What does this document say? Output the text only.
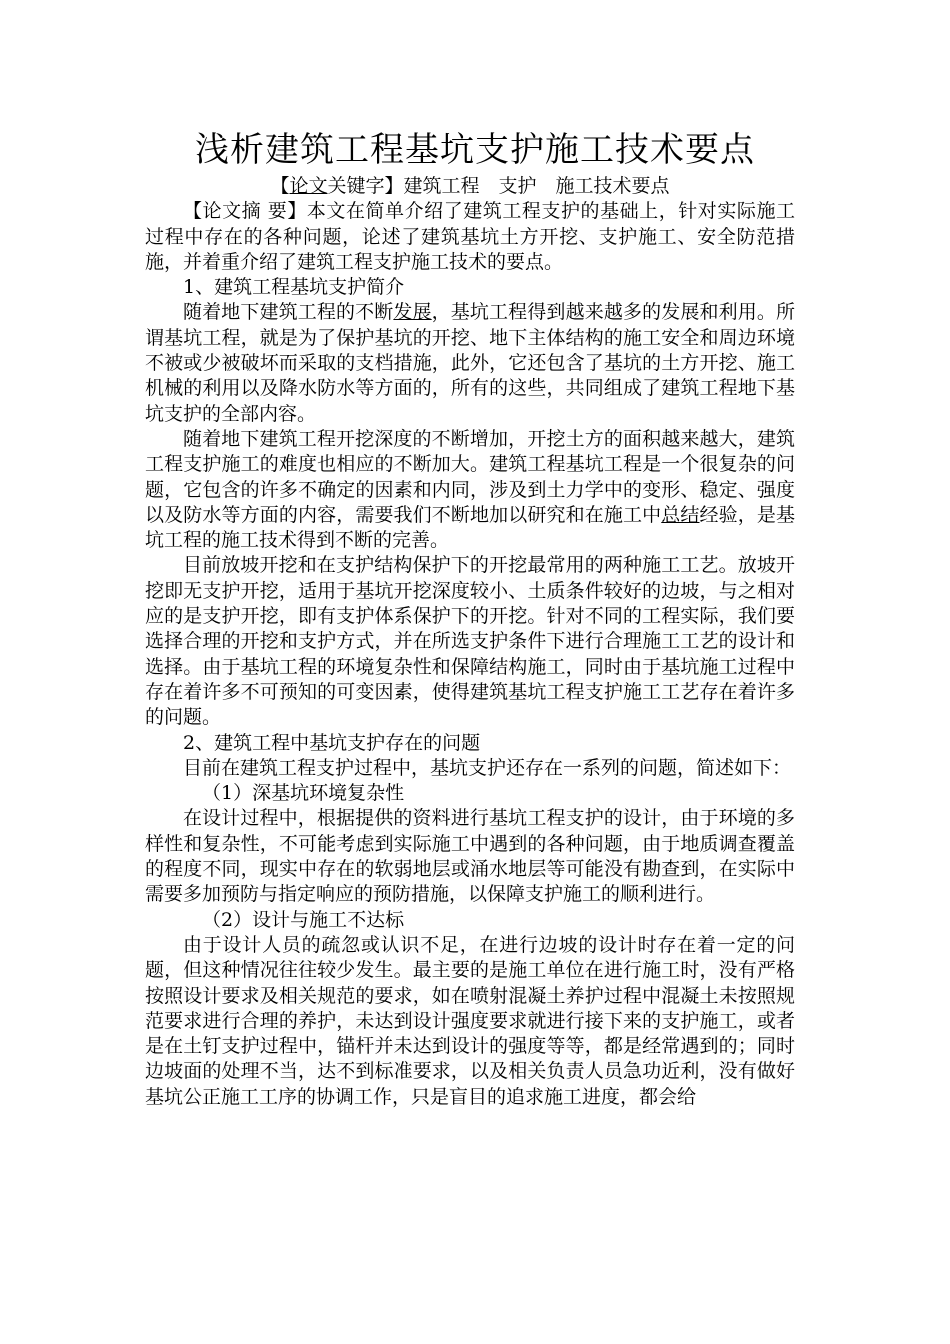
浅析建筑工程基坑支护施工技术要点

【论文关键字】建筑工程　支护　施工技术要点

【论文摘 要】本文在简单介绍了建筑工程支护的基础上，针对实际施工过程中存在的各种问题，论述了建筑基坑土方开挖、支护施工、安全防范措施，并着重介绍了建筑工程支护施工技术的要点。

1、建筑工程基坑支护简介

随着地下建筑工程的不断发展，基坑工程得到越来越多的发展和利用。所谓基坑工程，就是为了保护基坑的开挖、地下主体结构的施工安全和周边环境不被或少被破坏而采取的支档措施，此外，它还包含了基坑的土方开挖、施工机械的利用以及降水防水等方面的，所有的这些，共同组成了建筑工程地下基坑支护的全部内容。

随着地下建筑工程开挖深度的不断增加，开挖土方的面积越来越大，建筑工程支护施工的难度也相应的不断加大。建筑工程基坑工程是一个很复杂的问题，它包含的许多不确定的因素和内同，涉及到土力学中的变形、稳定、强度以及防水等方面的内容，需要我们不断地加以研究和在施工中总结经验，是基坑工程的施工技术得到不断的完善。

目前放坡开挖和在支护结构保护下的开挖最常用的两种施工工艺。放坡开挖即无支护开挖，适用于基坑开挖深度较小、土质条件较好的边坡，与之相对应的是支护开挖，即有支护体系保护下的开挖。针对不同的工程实际，我们要选择合理的开挖和支护方式，并在所选支护条件下进行合理施工工艺的设计和选择。由于基坑工程的环境复杂性和保障结构施工，同时由于基坑施工过程中存在着许多不可预知的可变因素，使得建筑基坑工程支护施工工艺存在着许多的问题。

2、建筑工程中基坑支护存在的问题

目前在建筑工程支护过程中，基坑支护还存在一系列的问题，简述如下：

（1）深基坑环境复杂性

在设计过程中，根据提供的资料进行基坑工程支护的设计，由于环境的多样性和复杂性，不可能考虑到实际施工中遇到的各种问题，由于地质调查覆盖的程度不同，现实中存在的软弱地层或涌水地层等可能没有勘查到，在实际中需要多加预防与指定响应的预防措施，以保障支护施工的顺利进行。

（2）设计与施工不达标

由于设计人员的疏忽或认识不足，在进行边坡的设计时存在着一定的问题，但这种情况往往较少发生。最主要的是施工单位在进行施工时，没有严格按照设计要求及相关规范的要求，如在喷射混凝土养护过程中混凝土未按照规范要求进行合理的养护，未达到设计强度要求就进行接下来的支护施工，或者是在土钉支护过程中，锚杆并未达到设计的强度等等，都是经常遇到的；同时边坡面的处理不当，达不到标准要求，以及相关负责人员急功近利，没有做好基坑公正施工工序的协调工作，只是盲目的追求施工进度，都会给
